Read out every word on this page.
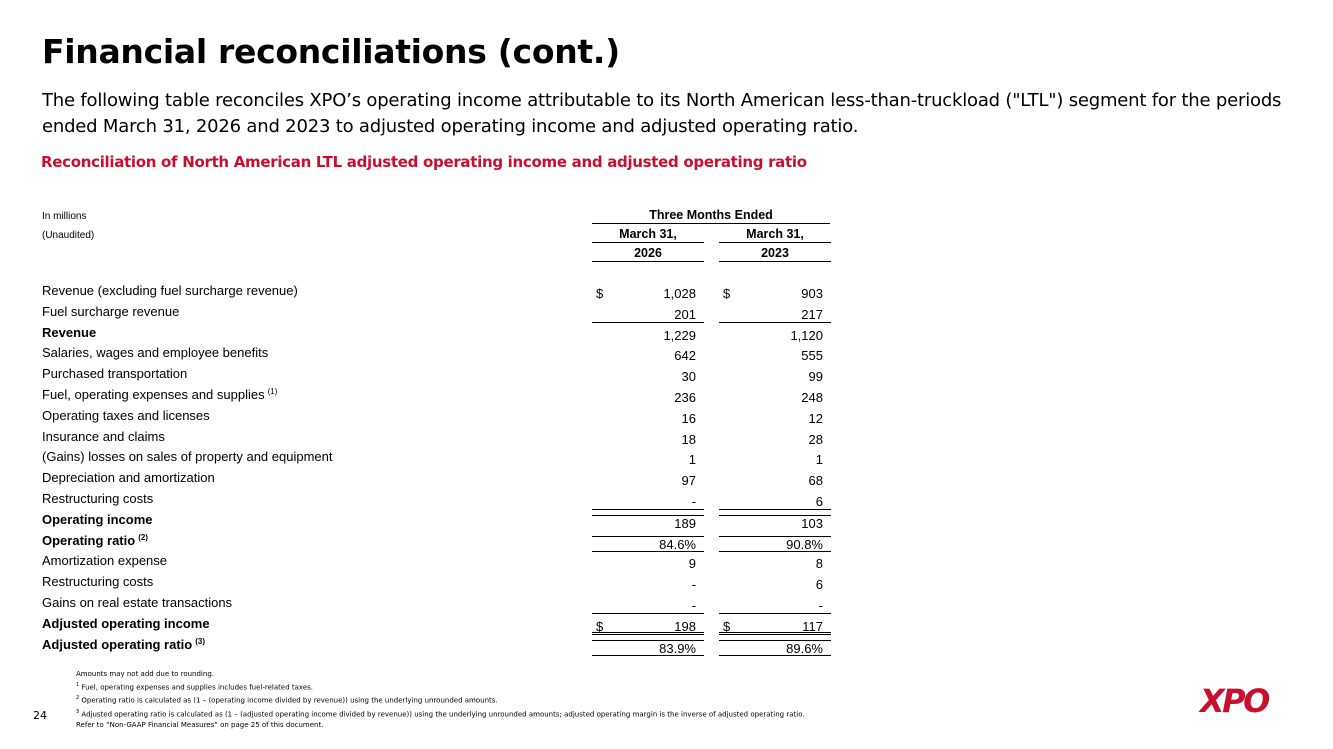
Financial reconciliations (cont.)

The following table reconciles XPO’s operating income attributable to its North American less-than-truckload ("LTL") segment for the periods ended March 31, 2026 and 2023 to adjusted operating income and adjusted operating ratio.

Reconciliation of North American LTL adjusted operating income and adjusted operating ratio
In millions
(Unaudited)
Three Months Ended
March 31,	March 31,
2026	2023
Revenue (excluding fuel surcharge revenue)	$	1,028	$	903
Fuel surcharge revenue	201	217
Revenue	1,229	1,120
Salaries, wages and employee benefits	642	555
Purchased transportation	30	99
Fuel, operating expenses and supplies $^{(1)}$	236	248
Operating taxes and licenses	16	12
Insurance and claims	18	28
(Gains) losses on sales of property and equipment	1	1
Depreciation and amortization	97	68
Restructuring costs	-	6
Operating income	189	103
Operating ratio $^{(2)}$	84.6%	90.8%
Amortization expense	9	8
Restructuring costs	-	6
Gains on real estate transactions	-	-
Adjusted operating income	$	198	$	117
Adjusted operating ratio $^{(3)}$	83.9%	89.6%
Amounts may not add due to rounding.
$^1$ Fuel, operating expenses and supplies includes fuel-related taxes.
$^2$ Operating ratio is calculated as (1 – (operating income divided by revenue)) using the underlying unrounded amounts.
$^3$ Adjusted operating ratio is calculated as (1 – (adjusted operating income divided by revenue)) using the underlying unrounded amounts; adjusted operating margin is the inverse of adjusted operating ratio.
Refer to “Non-GAAP Financial Measures” on page 25 of this document.
24	XPO
